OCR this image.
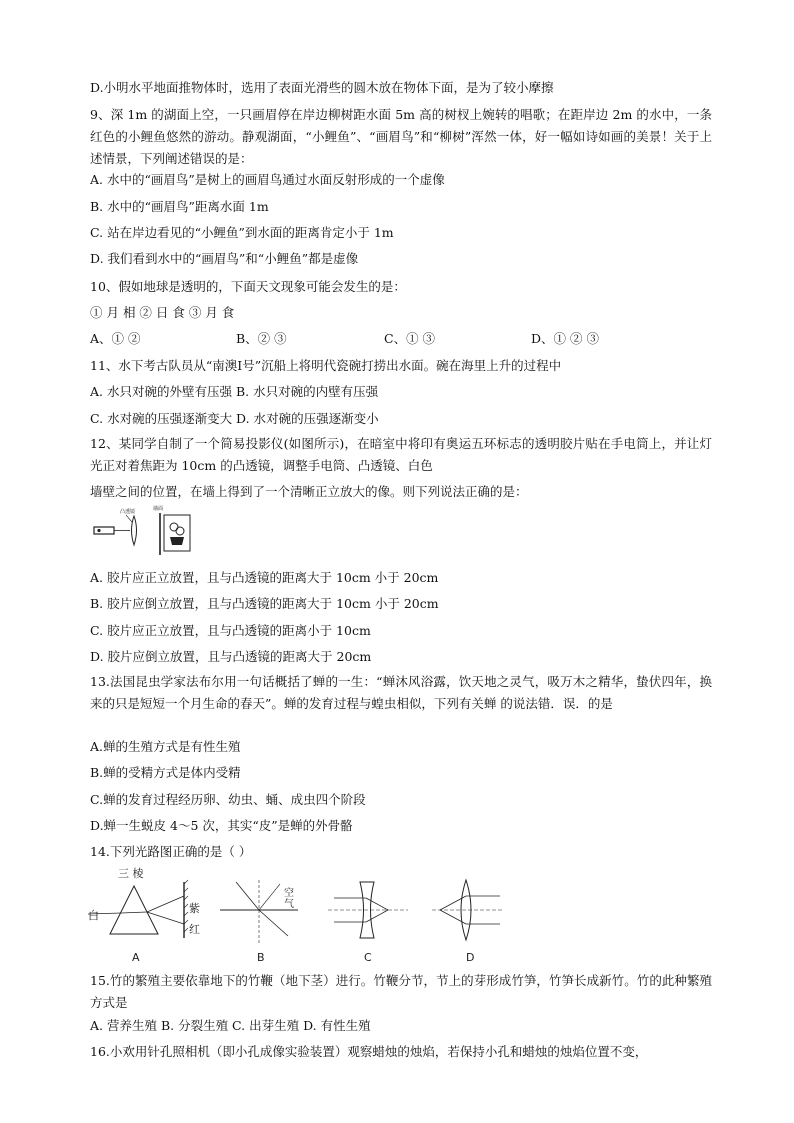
D.小明水平地面推物体时，选用了表面光滑些的圆木放在物体下面，是为了较小摩擦
9、深 1m 的湖面上空，一只画眉停在岸边柳树距水面 5m 高的树杈上婉转的唱歌；在距岸边 2m 的水中，一条红色的小鲤鱼悠然的游动。静观湖面，“小鲤鱼”、“画眉鸟”和“柳树”浑然一体，好一幅如诗如画的美景！关于上述情景，下列阐述错误的是：
A. 水中的“画眉鸟”是树上的画眉鸟通过水面反射形成的一个虚像
B. 水中的“画眉鸟”距离水面 1m
C. 站在岸边看见的“小鲤鱼”到水面的距离肯定小于 1m
D. 我们看到水中的“画眉鸟”和“小鲤鱼”都是虚像
10、假如地球是透明的，下面天文现象可能会发生的是：
① 月 相 ② 日 食 ③ 月 食
A、① ②	B、② ③	C、① ③	D、① ② ③
11、水下考古队员从“南澳Ⅰ号”沉船上将明代瓷碗打捞出水面。碗在海里上升的过程中
A. 水只对碗的外壁有压强 B. 水只对碗的内壁有压强
C. 水对碗的压强逐渐变大 D. 水对碗的压强逐渐变小
12、某同学自制了一个简易投影仪(如图所示)，在暗室中将印有奥运五环标志的透明胶片贴在手电筒上，并让灯光正对着焦距为 10cm 的凸透镜，调整手电筒、凸透镜、白色
墙壁之间的位置，在墙上得到了一个清晰正立放大的像。则下列说法正确的是：
凸透镜	墙面
A. 胶片应正立放置，且与凸透镜的距离大于 10cm 小于 20cm
B. 胶片应倒立放置，且与凸透镜的距离大于 10cm 小于 20cm
C. 胶片应正立放置，且与凸透镜的距离小于 10cm
D. 胶片应倒立放置，且与凸透镜的距离大于 20cm
13.法国昆虫学家法布尔用一句话概括了蝉的一生：“蝉沐风浴露，饮天地之灵气，吸万木之精华，蛰伏四年，换来的只是短短一个月生命的春天”。蝉的发育过程与蝗虫相似，下列有关蝉 的说法错．误．的是
A.蝉的生殖方式是有性生殖
B.蝉的受精方式是体内受精
C.蝉的发育过程经历卵、幼虫、蛹、成虫四个阶段
D.蝉一生蜕皮 4～5 次，其实“皮”是蝉的外骨骼
14.下列光路图正确的是（ ）
三 棱
白
紫
红
空
气
A	B	C	D
15.竹的繁殖主要依靠地下的竹鞭（地下茎）进行。竹鞭分节，节上的芽形成竹笋，竹笋长成新竹。竹的此种繁殖方式是
A. 营养生殖 B. 分裂生殖 C. 出芽生殖 D. 有性生殖
16.小欢用针孔照相机（即小孔成像实验装置）观察蜡烛的烛焰，若保持小孔和蜡烛的烛焰位置不变，
